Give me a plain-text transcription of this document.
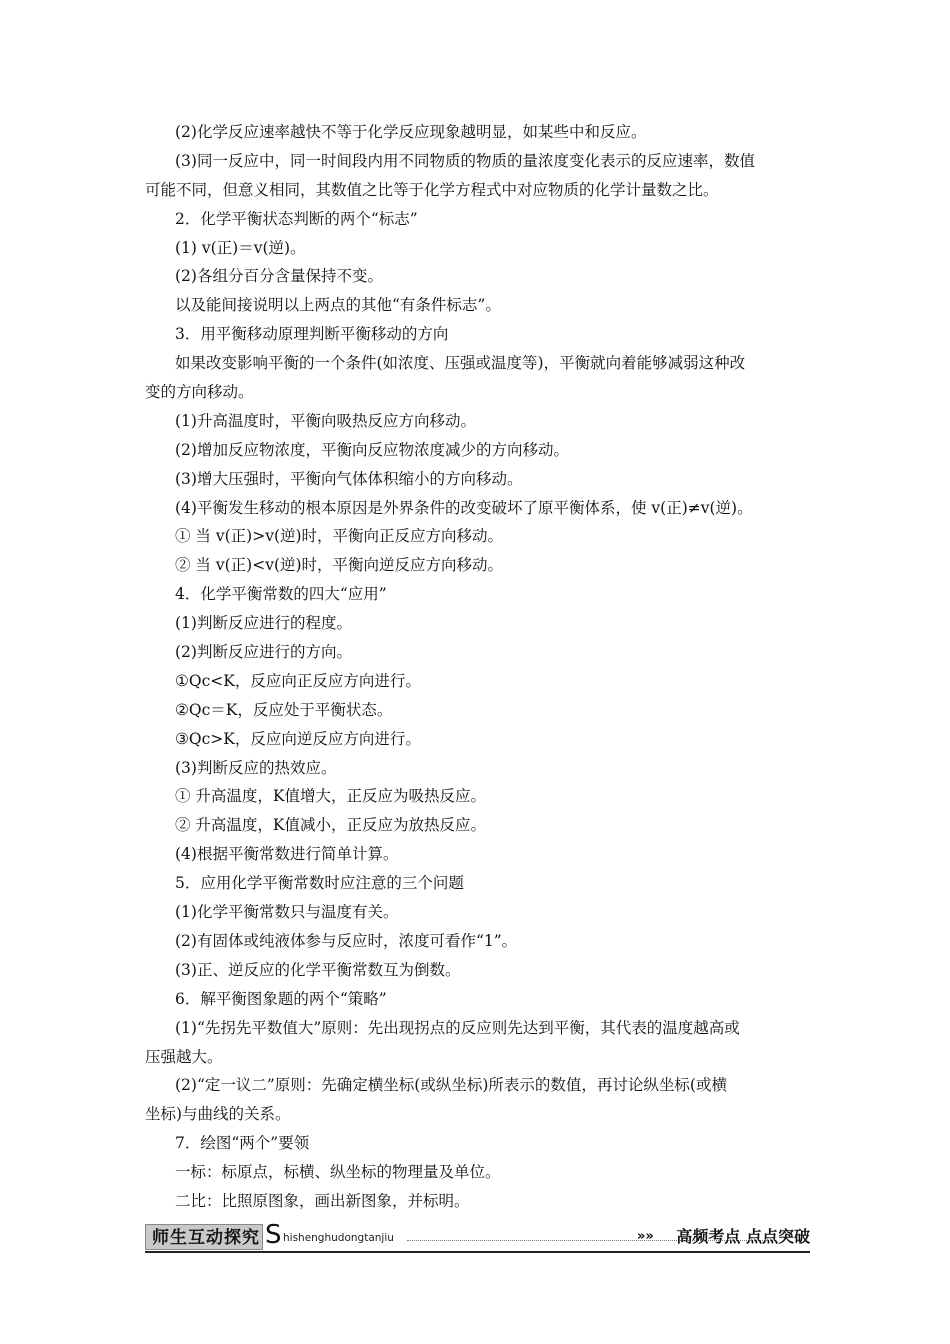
(2)化学反应速率越快不等于化学反应现象越明显，如某些中和反应。
(3)同一反应中，同一时间段内用不同物质的物质的量浓度变化表示的反应速率，数值
可能不同，但意义相同，其数值之比等于化学方程式中对应物质的化学计量数之比。
2．化学平衡状态判断的两个“标志”
(1) v(正)＝v(逆)。
(2)各组分百分含量保持不变。
以及能间接说明以上两点的其他“有条件标志”。
3．用平衡移动原理判断平衡移动的方向
如果改变影响平衡的一个条件(如浓度、压强或温度等)，平衡就向着能够减弱这种改
变的方向移动。
(1)升高温度时，平衡向吸热反应方向移动。
(2)增加反应物浓度，平衡向反应物浓度减少的方向移动。
(3)增大压强时，平衡向气体体积缩小的方向移动。
(4)平衡发生移动的根本原因是外界条件的改变破坏了原平衡体系，使 v(正)≠v(逆)。
① 当 v(正)>v(逆)时，平衡向正反应方向移动。
② 当 v(正)<v(逆)时，平衡向逆反应方向移动。
4．化学平衡常数的四大“应用”
(1)判断反应进行的程度。
(2)判断反应进行的方向。
①Qc<K，反应向正反应方向进行。
②Qc＝K，反应处于平衡状态。
③Qc>K，反应向逆反应方向进行。
(3)判断反应的热效应。
① 升高温度，K值增大，正反应为吸热反应。
② 升高温度，K值减小，正反应为放热反应。
(4)根据平衡常数进行简单计算。
5．应用化学平衡常数时应注意的三个问题
(1)化学平衡常数只与温度有关。
(2)有固体或纯液体参与反应时，浓度可看作“1”。
(3)正、逆反应的化学平衡常数互为倒数。
6．解平衡图象题的两个“策略”
(1)“先拐先平数值大”原则：先出现拐点的反应则先达到平衡，其代表的温度越高或
压强越大。
(2)“定一议二”原则：先确定横坐标(或纵坐标)所表示的数值，再讨论纵坐标(或横
坐标)与曲线的关系。
7．绘图“两个”要领
一标：标原点，标横、纵坐标的物理量及单位。
二比：比照原图象，画出新图象，并标明。
师生互动探究 S hishenghudongtanjiu	»» 高频考点 点点突破
